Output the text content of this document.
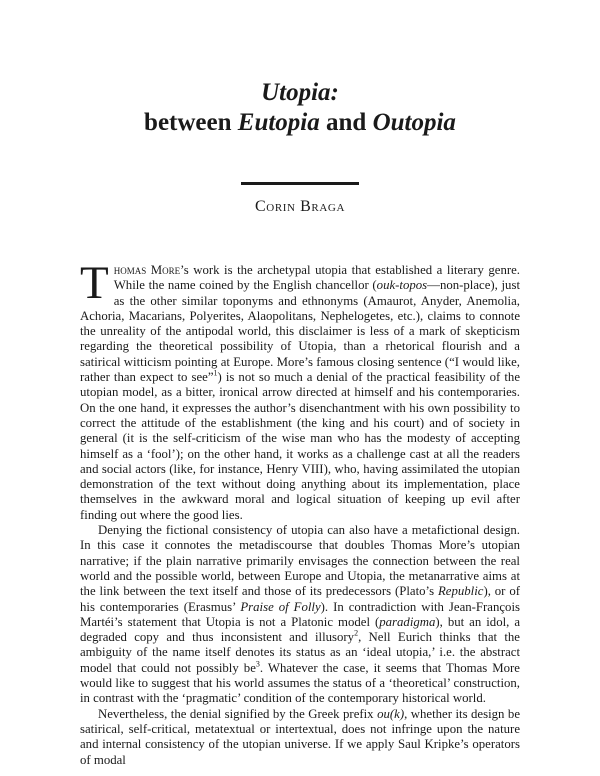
Utopia:
between Eutopia and Outopia
Corin Braga

Thomas More’s work is the archetypal utopia that established a literary genre. While the name coined by the English chancellor (ouk-topos—non-place), just as the other similar toponyms and ethnonyms (Amaurot, Anyder, Anemolia, Achoria, Macarians, Polyerites, Alaopolitans, Nephelogetes, etc.), claims to connote the unreality of the antipodal world, this disclaimer is less of a mark of skepticism regarding the theoretical possibility of Utopia, than a rhetorical flourish and a satirical witticism pointing at Europe. More’s famous closing sentence (“I would like, rather than expect to see”$^1$) is not so much a denial of the practical feasibility of the utopian model, as a bitter, ironical arrow directed at himself and his contemporaries. On the one hand, it expresses the author’s disenchantment with his own possibility to correct the attitude of the establishment (the king and his court) and of society in general (it is the self-criticism of the wise man who has the modesty of accepting himself as a ‘fool’); on the other hand, it works as a challenge cast at all the readers and social actors (like, for instance, Henry VIII), who, having assimilated the utopian demonstration of the text without doing anything about its implementation, place themselves in the awkward moral and logical situation of keeping up evil after finding out where the good lies.

Denying the fictional consistency of utopia can also have a metafictional design. In this case it connotes the metadiscourse that doubles Thomas More’s utopian narrative; if the plain narrative primarily envisages the connection between the real world and the possible world, between Europe and Utopia, the metanarrative aims at the link between the text itself and those of its predecessors (Plato’s Republic), or of his contemporaries (Erasmus’ Praise of Folly). In contradiction with Jean-François Martéi’s statement that Utopia is not a Platonic model (paradigma), but an idol, a degraded copy and thus inconsistent and illusory$^2$, Nell Eurich thinks that the ambiguity of the name itself denotes its status as an ‘ideal utopia,’ i.e. the abstract model that could not possibly $be^3$. Whatever the case, it seems that Thomas More would like to suggest that his world assumes the status of a ‘theoretical’ construction, in contrast with the ‘pragmatic’ condition of the contemporary historical world.

Nevertheless, the denial signified by the Greek prefix ou(k), whether its design be satirical, self-critical, metatextual or intertextual, does not infringe upon the nature and internal consistency of the utopian universe. If we apply Saul Kripke’s operators of modal
